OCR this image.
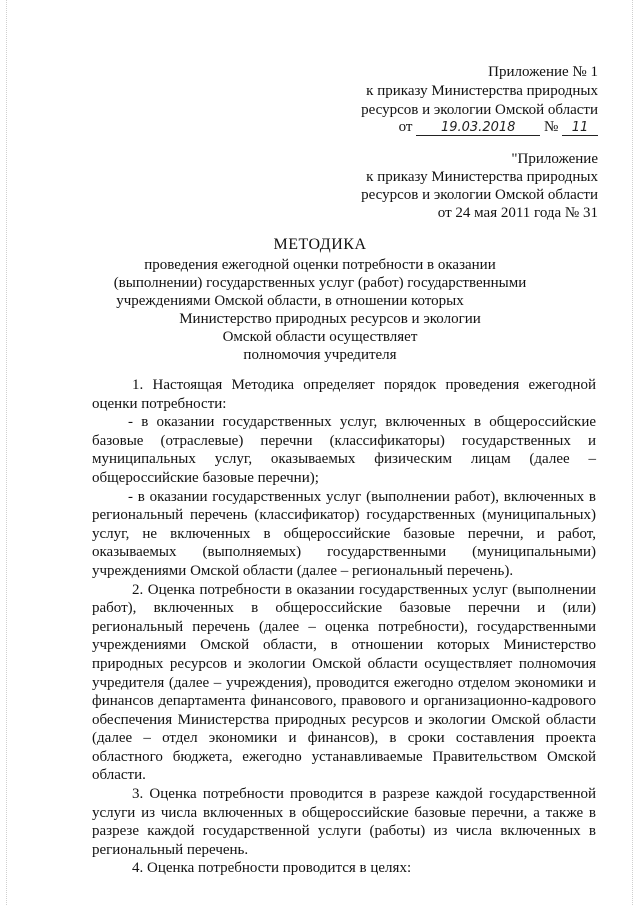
Приложение № 1
к приказу Министерства природных
ресурсов и экологии Омской области
от 19.03.2018 № 11
"Приложение
к приказу Министерства природных
ресурсов и экологии Омской области
от 24 мая 2011 года № 31
МЕТОДИКА
проведения ежегодной оценки потребности в оказании
(выполнении) государственных услуг (работ) государственными
учреждениями Омской области, в отношении которых
Министерство природных ресурсов и экологии
Омской области осуществляет
полномочия учредителя

1. Настоящая Методика определяет порядок проведения ежегодной оценки потребности:

- в оказании государственных услуг, включенных в общероссийские базовые (отраслевые) перечни (классификаторы) государственных и муниципальных услуг, оказываемых физическим лицам (далее – общероссийские базовые перечни);

- в оказании государственных услуг (выполнении работ), включенных в региональный перечень (классификатор) государственных (муниципальных) услуг, не включенных в общероссийские базовые перечни, и работ, оказываемых (выполняемых) государственными (муниципальными) учреждениями Омской области (далее – региональный перечень).

2. Оценка потребности в оказании государственных услуг (выполнении работ), включенных в общероссийские базовые перечни и (или) региональный перечень (далее – оценка потребности), государственными учреждениями Омской области, в отношении которых Министерство природных ресурсов и экологии Омской области осуществляет полномочия учредителя (далее – учреждения), проводится ежегодно отделом экономики и финансов департамента финансового, правового и организационно-кадрового обеспечения Министерства природных ресурсов и экологии Омской области (далее – отдел экономики и финансов), в сроки составления проекта областного бюджета, ежегодно устанавливаемые Правительством Омской области.

3. Оценка потребности проводится в разрезе каждой государственной услуги из числа включенных в общероссийские базовые перечни, а также в разрезе каждой государственной услуги (работы) из числа включенных в региональный перечень.

4. Оценка потребности проводится в целях:
